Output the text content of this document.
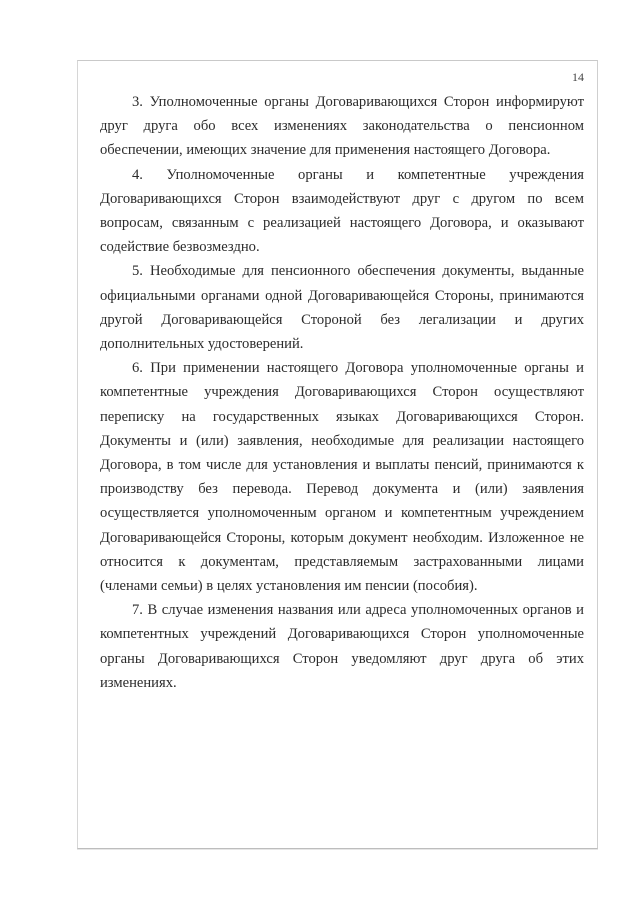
14

3. Уполномоченные органы Договаривающихся Сторон информируют друг друга обо всех изменениях законодательства о пенсионном обеспечении, имеющих значение для применения настоящего Договора.

4. Уполномоченные органы и компетентные учреждения Договаривающихся Сторон взаимодействуют друг с другом по всем вопросам, связанным с реализацией настоящего Договора, и оказывают содействие безвозмездно.

5. Необходимые для пенсионного обеспечения документы, выданные официальными органами одной Договаривающейся Стороны, принимаются другой Договаривающейся Стороной без легализации и других дополнительных удостоверений.

6. При применении настоящего Договора уполномоченные органы и компетентные учреждения Договаривающихся Сторон осуществляют переписку на государственных языках Договаривающихся Сторон. Документы и (или) заявления, необходимые для реализации настоящего Договора, в том числе для установления и выплаты пенсий, принимаются к производству без перевода. Перевод документа и (или) заявления осуществляется уполномоченным органом и компетентным учреждением Договаривающейся Стороны, которым документ необходим. Изложенное не относится к документам, представляемым застрахованными лицами (членами семьи) в целях установления им пенсии (пособия).

7. В случае изменения названия или адреса уполномоченных органов и компетентных учреждений Договаривающихся Сторон уполномоченные органы Договаривающихся Сторон уведомляют друг друга об этих изменениях.
